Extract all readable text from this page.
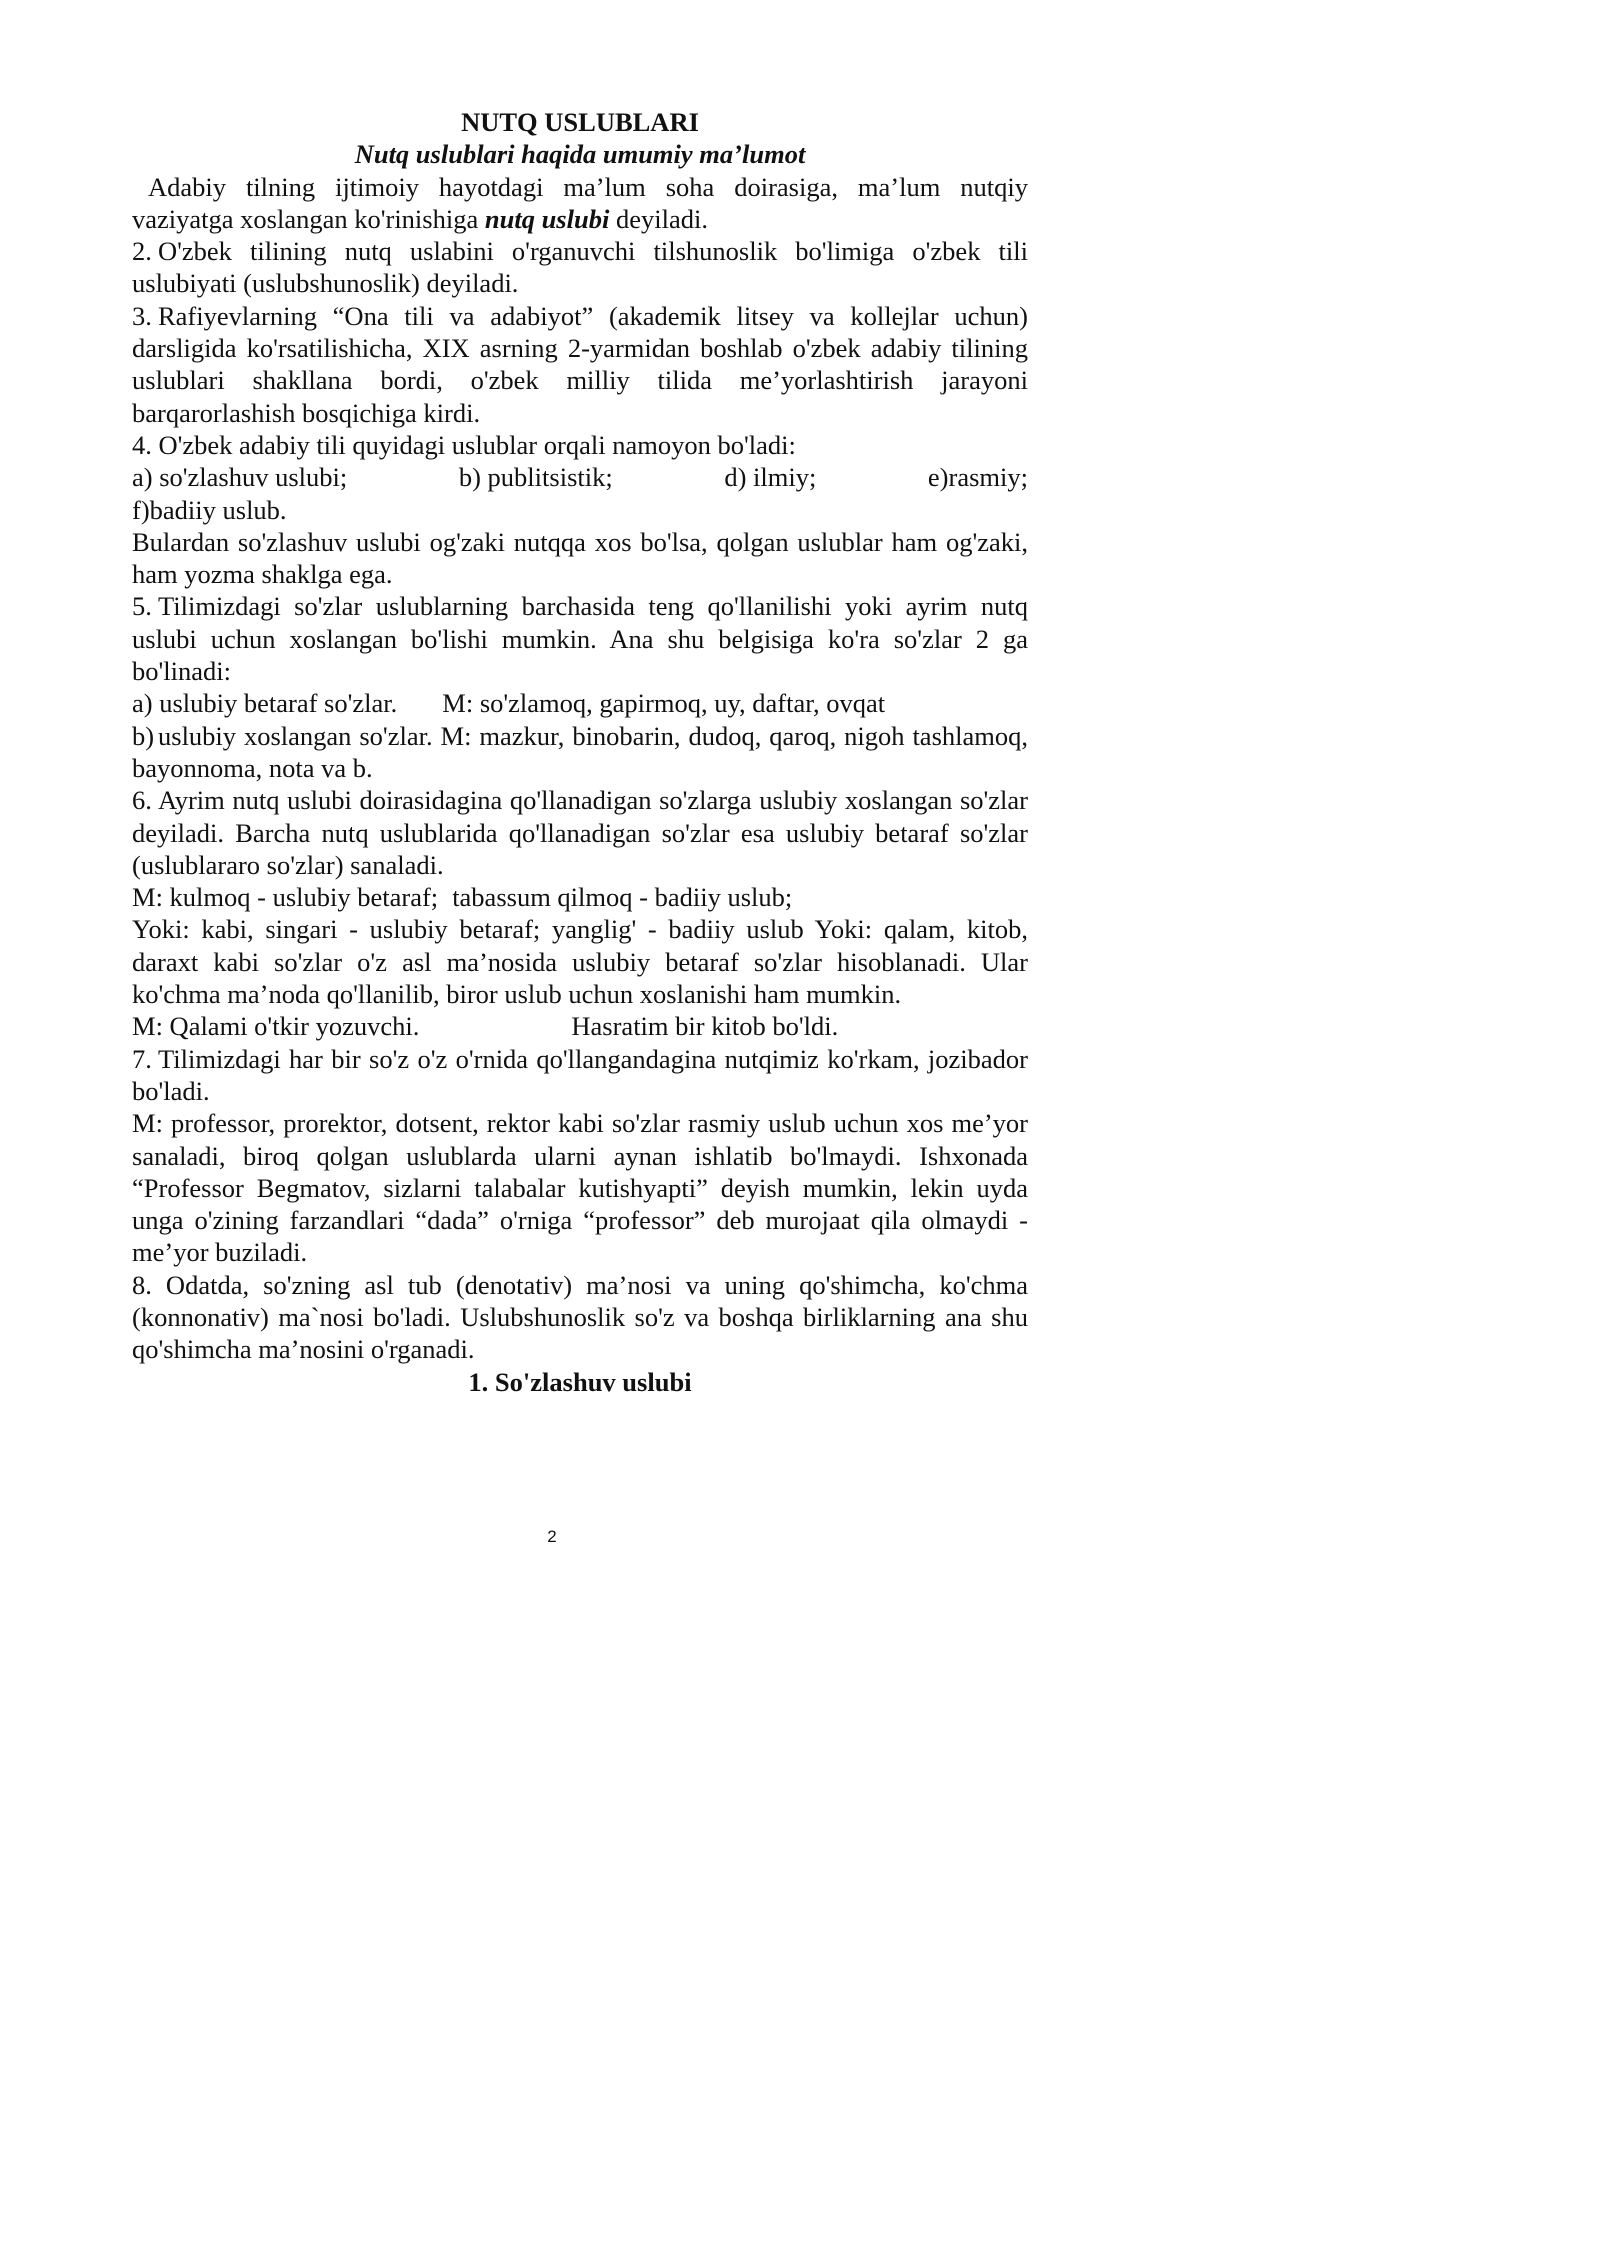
NUTQ USLUBLARI
Nutq uslublari haqida umumiy ma’lumot
Adabiy tilning ijtimoiy hayotdagi ma’lum soha doirasiga, ma’lum nutqiy vaziyatga xoslangan ko'rinishiga nutq uslubi deyiladi.
2. O'zbek tilining nutq uslabini o'rganuvchi tilshunoslik bo'limiga o'zbek tili uslubiyati (uslubshunoslik) deyiladi.
3. Rafiyevlarning “Ona tili va adabiyot” (akademik litsey va kollejlar uchun) darsligida ko'rsatilishicha, XIX asrning 2-yarmidan boshlab o'zbek adabiy tilining uslublari shakllana bordi, o'zbek milliy tilida me’yorlashtirish jarayoni barqarorlashish bosqichiga kirdi.
4. O'zbek adabiy tili quyidagi uslublar orqali namoyon bo'ladi:
a) so'zlashuv uslubi;	b) publitsistik;	d) ilmiy;	e)rasmiy;
f)badiiy uslub.
Bulardan so'zlashuv uslubi og'zaki nutqqa xos bo'lsa, qolgan uslublar ham og'zaki, ham yozma shaklga ega.
5. Tilimizdagi so'zlar uslublarning barchasida teng qo'llanilishi yoki ayrim nutq uslubi uchun xoslangan bo'lishi mumkin. Ana shu belgisiga ko'ra so'zlar 2 ga bo'linadi:
a) uslubiy betaraf so'zlar. M: so'zlamoq, gapirmoq, uy, daftar, ovqat
b) uslubiy xoslangan so'zlar. M: mazkur, binobarin, dudoq, qaroq, nigoh tashlamoq, bayonnoma, nota va b.
6. Ayrim nutq uslubi doirasidagina qo'llanadigan so'zlarga uslubiy xoslangan so'zlar deyiladi. Barcha nutq uslublarida qo'llanadigan so'zlar esa uslubiy betaraf so'zlar (uslublararo so'zlar) sanaladi.
M: kulmoq - uslubiy betaraf; tabassum qilmoq - badiiy uslub;
Yoki: kabi, singari - uslubiy betaraf; yanglig' - badiiy uslub Yoki: qalam, kitob, daraxt kabi so'zlar o'z asl ma’nosida uslubiy betaraf so'zlar hisoblanadi. Ular ko'chma ma’noda qo'llanilib, biror uslub uchun xoslanishi ham mumkin.
M: Qalami o'tkir yozuvchi.	Hasratim bir kitob bo'ldi.
7. Tilimizdagi har bir so'z o'z o'rnida qo'llangandagina nutqimiz ko'rkam, jozibador bo'ladi.
M: professor, prorektor, dotsent, rektor kabi so'zlar rasmiy uslub uchun xos me’yor sanaladi, biroq qolgan uslublarda ularni aynan ishlatib bo'lmaydi. Ishxonada “Professor Begmatov, sizlarni talabalar kutishyapti” deyish mumkin, lekin uyda unga o'zining farzandlari “dada” o'rniga “professor” deb murojaat qila olmaydi - me’yor buziladi.
8. Odatda, so'zning asl tub (denotativ) ma’nosi va uning qo'shimcha, ko'chma (konnonativ) ma`nosi bo'ladi. Uslubshunoslik so'z va boshqa birliklarning ana shu qo'shimcha ma’nosini o'rganadi.
1. So'zlashuv uslubi
2
